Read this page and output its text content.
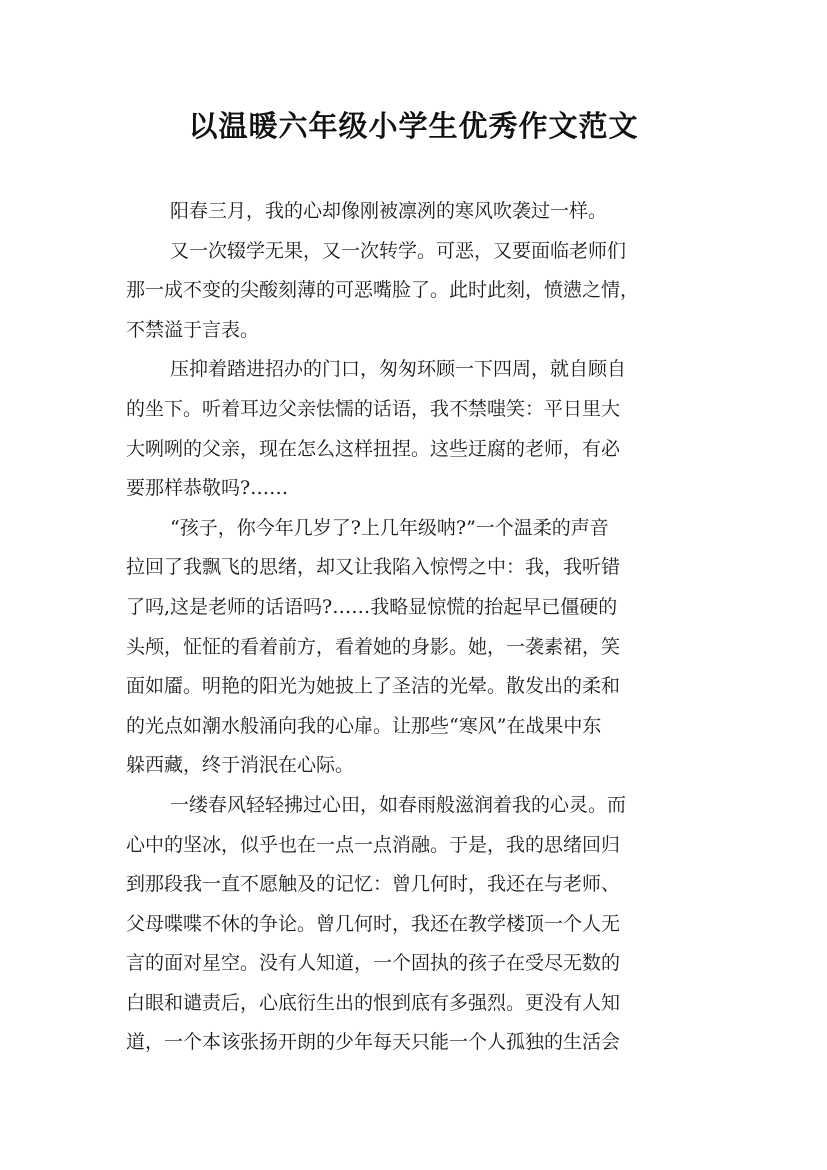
以温暖六年级小学生优秀作文范文
阳春三月，我的心却像刚被凛冽的寒风吹袭过一样。
又一次辍学无果，又一次转学。可恶，又要面临老师们
那一成不变的尖酸刻薄的可恶嘴脸了。此时此刻，愤懑之情，
不禁溢于言表。
压抑着踏进招办的门口，匆匆环顾一下四周，就自顾自
的坐下。听着耳边父亲怯懦的话语，我不禁嗤笑：平日里大
大咧咧的父亲，现在怎么这样扭捏。这些迂腐的老师，有必
要那样恭敬吗?……
“孩子，你今年几岁了?上几年级呐?”一个温柔的声音
拉回了我飘飞的思绪，却又让我陷入惊愕之中：我，我听错
了吗,这是老师的话语吗?……我略显惊慌的抬起早已僵硬的
头颅，怔怔的看着前方，看着她的身影。她，一袭素裙，笑
面如靥。明艳的阳光为她披上了圣洁的光晕。散发出的柔和
的光点如潮水般涌向我的心扉。让那些“寒风”在战果中东
躲西藏，终于消泯在心际。
一缕春风轻轻拂过心田，如春雨般滋润着我的心灵。而
心中的坚冰，似乎也在一点一点消融。于是，我的思绪回归
到那段我一直不愿触及的记忆：曾几何时，我还在与老师、
父母喋喋不休的争论。曾几何时，我还在教学楼顶一个人无
言的面对星空。没有人知道，一个固执的孩子在受尽无数的
白眼和谴责后，心底衍生出的恨到底有多强烈。更没有人知
道，一个本该张扬开朗的少年每天只能一个人孤独的生活会
